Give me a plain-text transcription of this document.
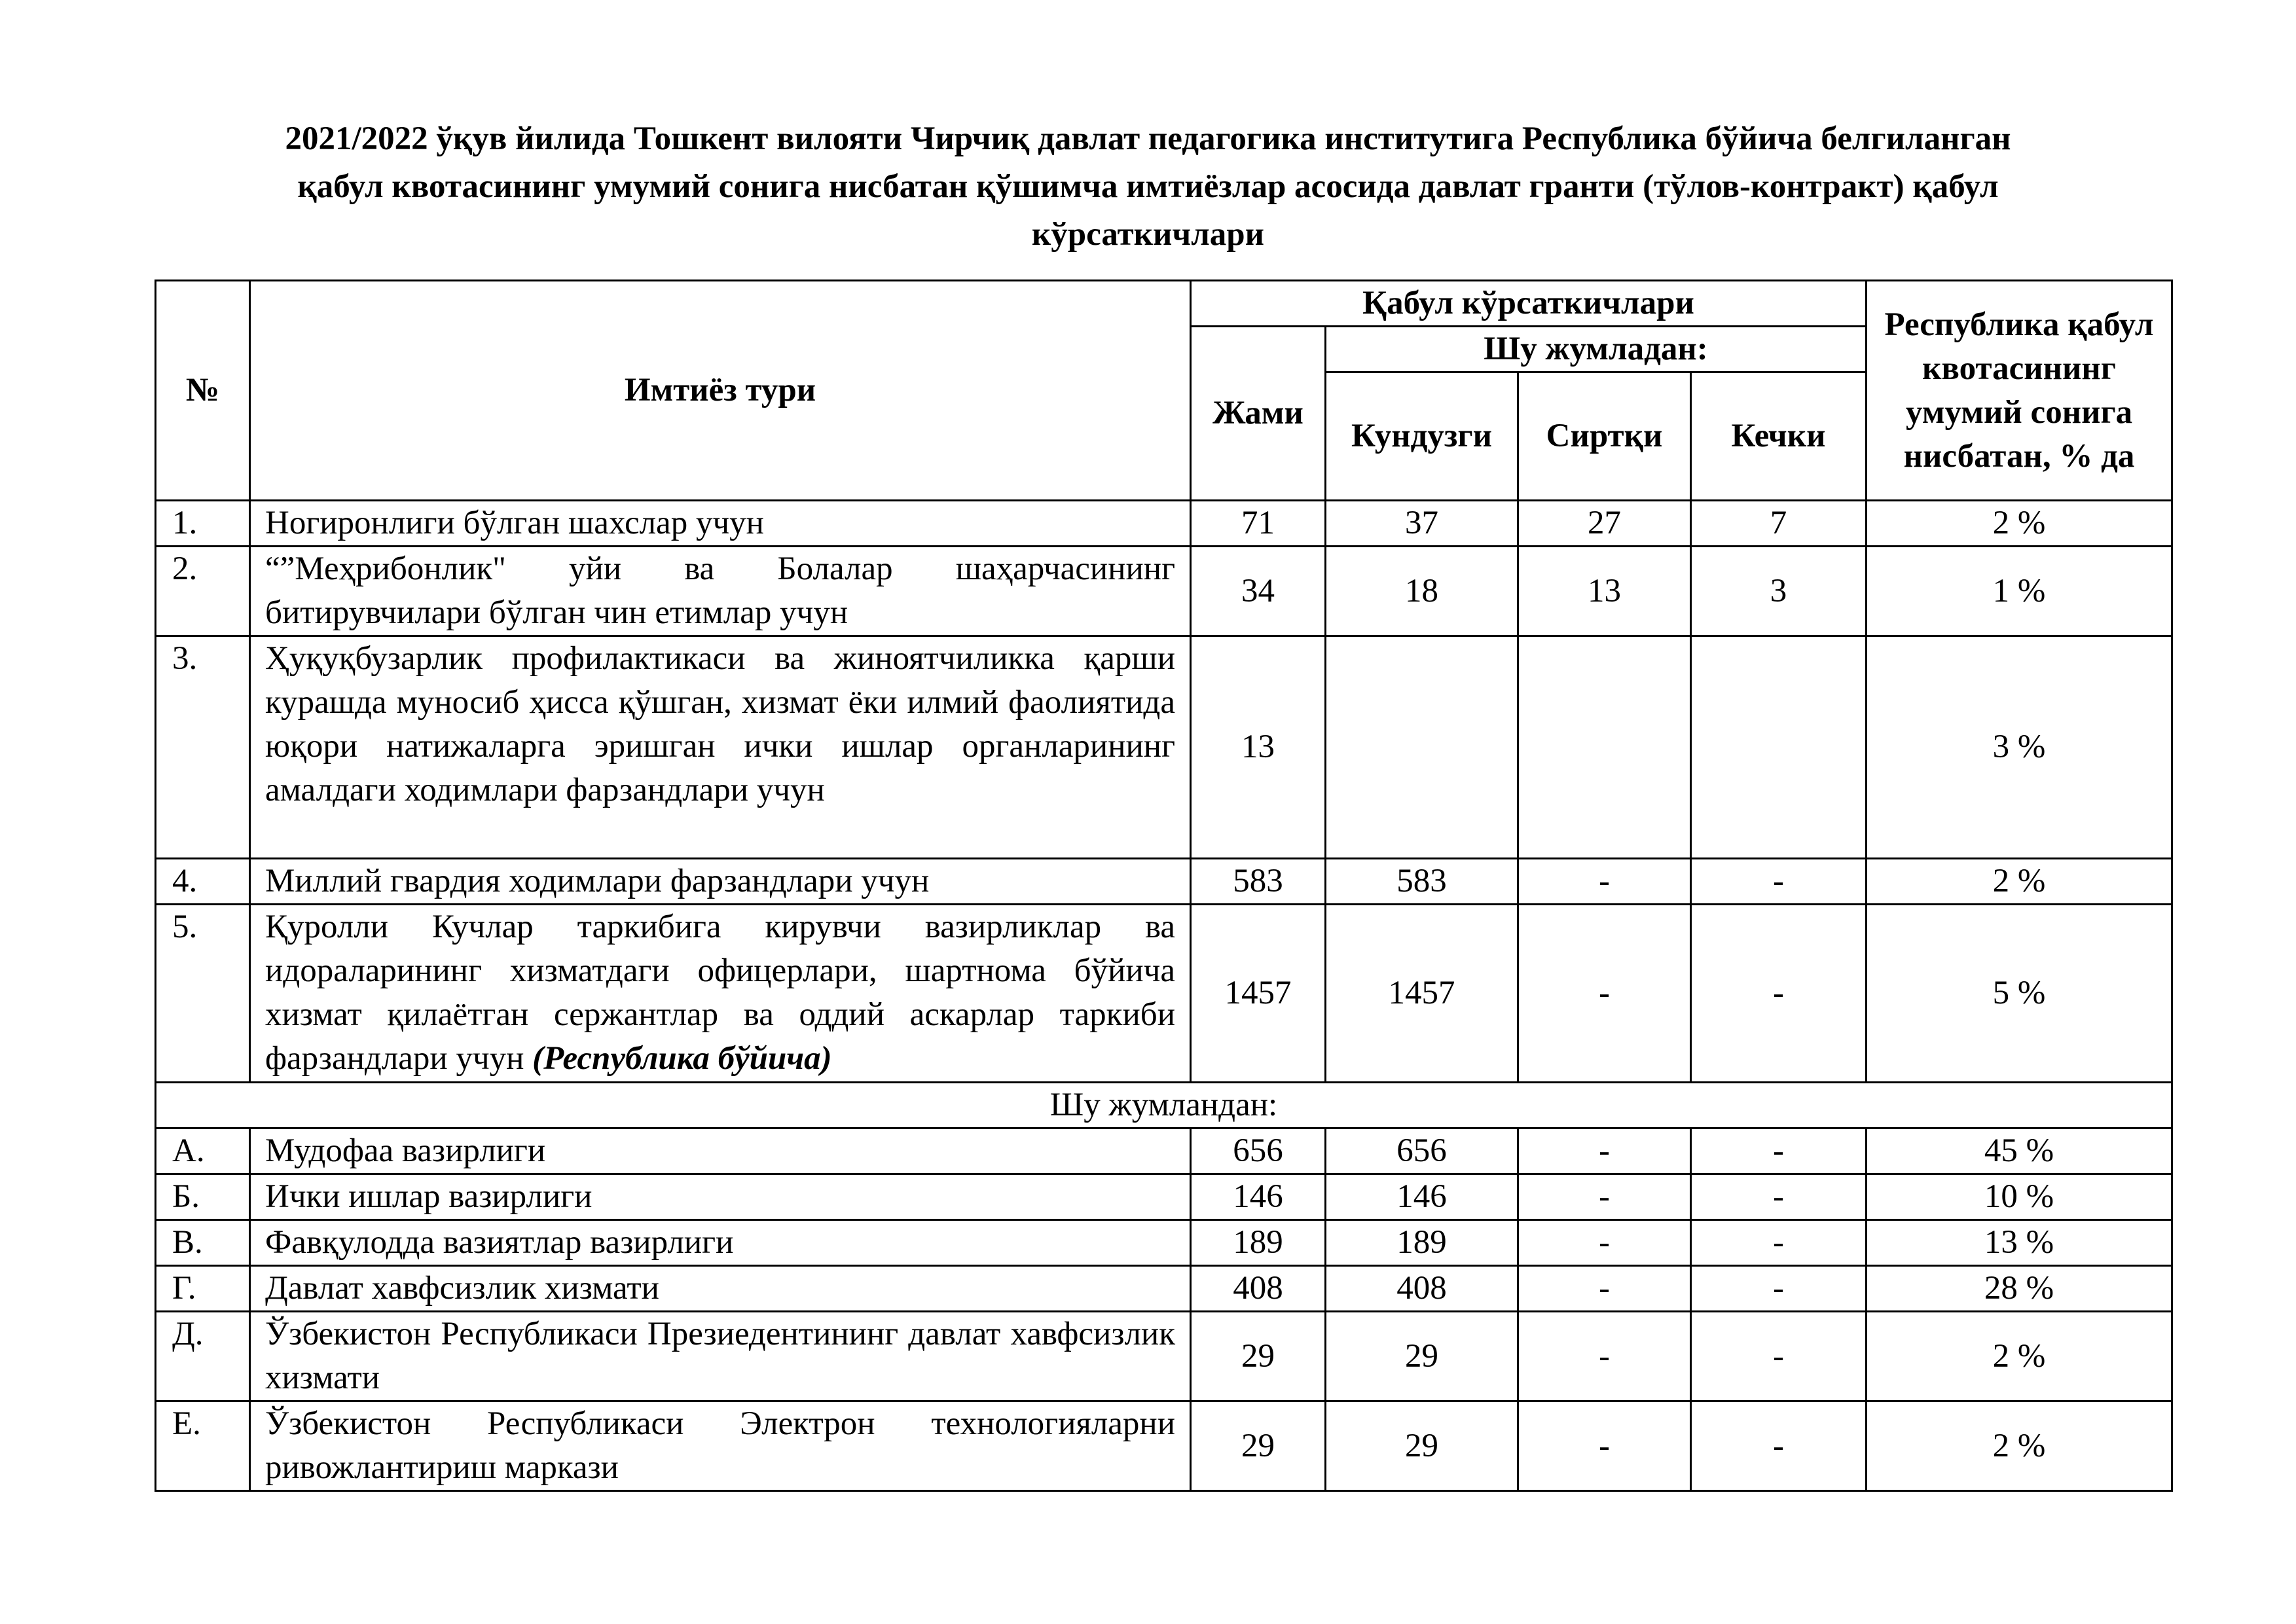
2021/2022 ўқув йилида Тошкент вилояти Чирчиқ давлат педагогика институтига Республика бўйича белгиланган
қабул квотасининг умумий сонига нисбатан қўшимча имтиёзлар асосида давлат гранти (тўлов-контракт) қабул
кўрсаткичлари
№	Имтиёз тури	Қабул кўрсаткичлари				Республика қабул квотасининг умумий сонига нисбатан, % да
		Жами	Шу жумладан:			
			Кундузги	Сиртқи	Кечки	
1.	Ногиронлиги бўлган шахслар учун	71	37	27	7	2 %
2.	“”Меҳрибонлик" уйи ва Болалар шаҳарчасининг битирувчилари бўлган чин етимлар учун	34	18	13	3	1 %
3.	Ҳуқуқбузарлик профилактикаси ва жиноятчиликка қарши курашда муносиб ҳисса қўшган, хизмат ёки илмий фаолиятида юқори натижаларга эришган ички ишлар органларининг амалдаги ходимлари фарзандлари учун	13				3 %
4.	Миллий гвардия ходимлари фарзандлари учун	583	583	-	-	2 %
5.	Қуролли Кучлар таркибига кирувчи вазирликлар ва идораларининг хизматдаги офицерлари, шартнома бўйича хизмат қилаётган сержантлар ва оддий аскарлар таркиби фарзандлари учун (Республика бўйича)	1457	1457	-	-	5 %
Шу жумландан:						
А.	Мудофаа вазирлиги	656	656	-	-	45 %
Б.	Ички ишлар вазирлиги	146	146	-	-	10 %
В.	Фавқулодда вазиятлар вазирлиги	189	189	-	-	13 %
Г.	Давлат хавфсизлик хизмати	408	408	-	-	28 %
Д.	Ўзбекистон Республикаси Презиедентининг давлат хавфсизлик хизмати	29	29	-	-	2 %
Е.	Ўзбекистон Республикаси Электрон технологияларни ривожлантириш маркази	29	29	-	-	2 %
